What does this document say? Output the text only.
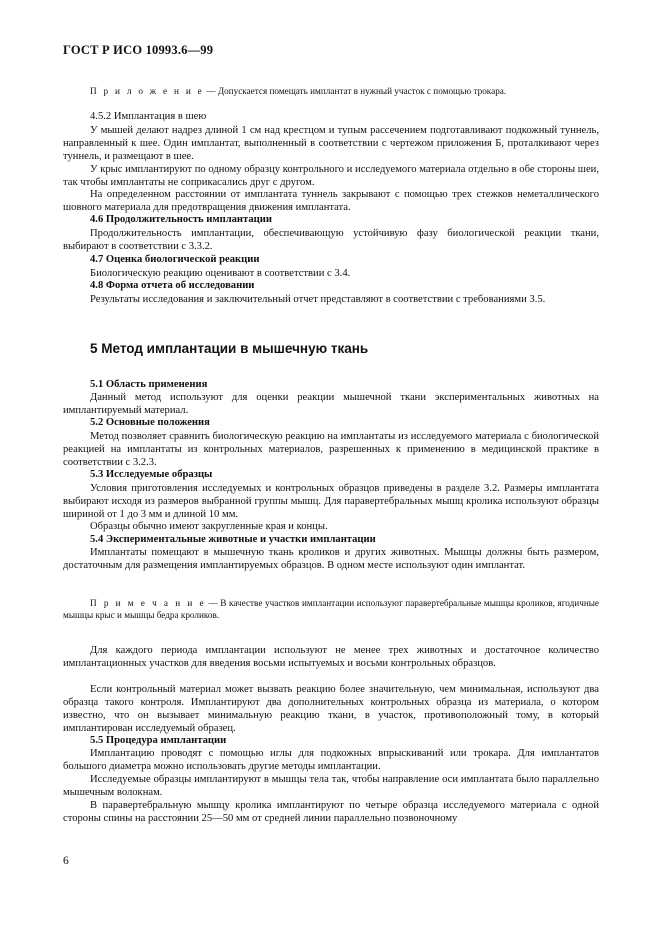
ГОСТ Р ИСО 10993.6—99
П р и л о ж е н и е — Допускается помещать имплантат в нужный участок с помощью трокара.
4.5.2 Имплантация в шею
У мышей делают надрез длиной 1 см над крестцом и тупым рассечением подготавливают подкожный туннель, направленный к шее. Один имплантат, выполненный в соответствии с чертежом приложения Б, проталкивают через туннель, и размещают в шее.
У крыс имплантируют по одному образцу контрольного и исследуемого материала отдельно в обе стороны шеи, так чтобы имплантаты не соприкасались друг с другом.
На определенном расстоянии от имплантата туннель закрывают с помощью трех стежков неметаллического шовного материала для предотвращения движения имплантата.
4.6 Продолжительность имплантации
Продолжительность имплантации, обеспечивающую устойчивую фазу биологической реакции ткани, выбирают в соответствии с 3.3.2.
4.7 Оценка биологической реакции
Биологическую реакцию оценивают в соответствии с 3.4.
4.8 Форма отчета об исследовании
Результаты исследования и заключительный отчет представляют в соответствии с требованиями 3.5.
5 Метод имплантации в мышечную ткань
5.1 Область применения
Данный метод используют для оценки реакции мышечной ткани экспериментальных животных на имплантируемый материал.
5.2 Основные положения
Метод позволяет сравнить биологическую реакцию на имплантаты из исследуемого материала с биологической реакцией на имплантаты из контрольных материалов, разрешенных к применению в медицинской практике в соответствии с 3.2.3.
5.3 Исследуемые образцы
Условия приготовления исследуемых и контрольных образцов приведены в разделе 3.2. Размеры имплантата выбирают исходя из размеров выбранной группы мышц. Для паравертебральных мышц кролика используют образцы шириной от 1 до 3 мм и длиной 10 мм.
Образцы обычно имеют закругленные края и концы.
5.4 Экспериментальные животные и участки имплантации
Имплантаты помещают в мышечную ткань кроликов и других животных. Мышцы должны быть размером, достаточным для размещения имплантируемых образцов. В одном месте используют один имплантат.
П р и м е ч а н и е — В качестве участков имплантации используют паравертебральные мышцы кроликов, ягодичные мышцы крыс и мышцы бедра кроликов.
Для каждого периода имплантации используют не менее трех животных и достаточное количество имплантационных участков для введения восьми испытуемых и восьми контрольных образцов.
Если контрольный материал может вызвать реакцию более значительную, чем минимальная, используют два образца такого контроля. Имплантируют два дополнительных контрольных образца из материала, о котором известно, что он вызывает минимальную реакцию ткани, в участок, противоположный тому, в который имплантирован исследуемый образец.
5.5 Процедура имплантации
Имплантацию проводят с помощью иглы для подкожных впрыскиваний или трокара. Для имплантатов большого диаметра можно использовать другие методы имплантации.
Исследуемые образцы имплантируют в мышцы тела так, чтобы направление оси имплантата было параллельно мышечным волокнам.
В паравертебральную мышцу кролика имплантируют по четыре образца исследуемого материала с одной стороны спины на расстоянии 25—50 мм от средней линии параллельно позвоночному
6
